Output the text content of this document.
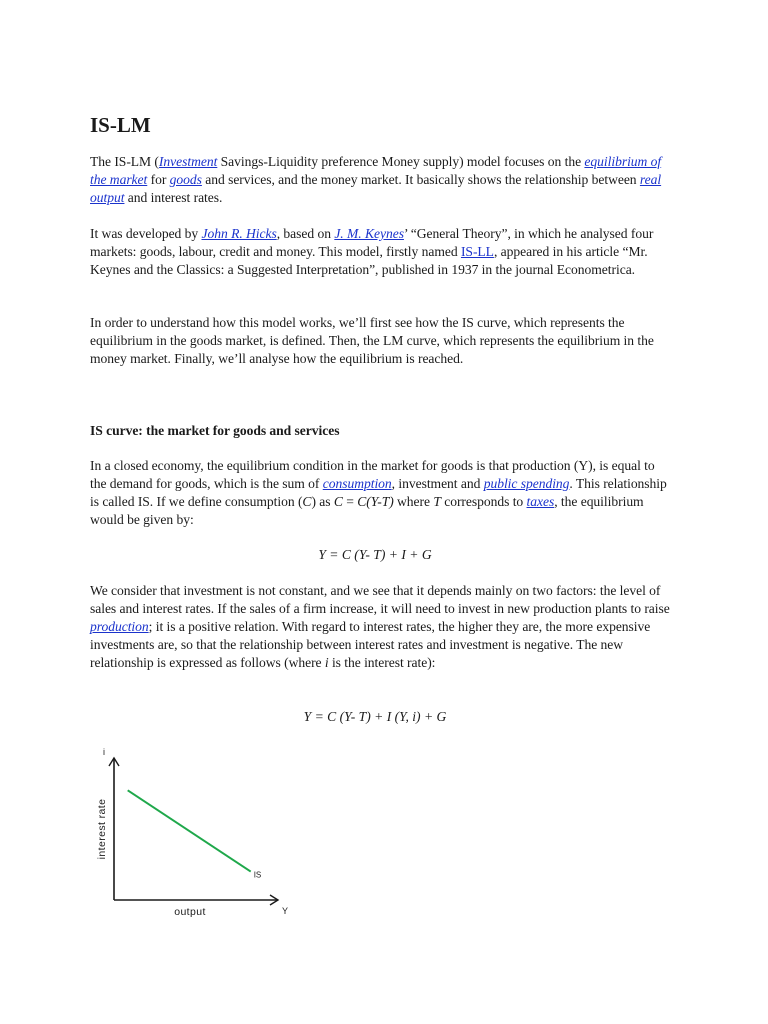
IS-LM

The IS-LM (Investment Savings-Liquidity preference Money supply) model focuses on the equilibrium of the market for goods and services, and the money market. It basically shows the relationship between real output and interest rates.

It was developed by John R. Hicks, based on J. M. Keynes’ “General Theory”, in which he analysed four markets: goods, labour, credit and money. This model, firstly named IS-LL, appeared in his article “Mr. Keynes and the Classics: a Suggested Interpretation”, published in 1937 in the journal Econometrica.

In order to understand how this model works, we’ll first see how the IS curve, which represents the equilibrium in the goods market, is defined. Then, the LM curve, which represents the equilibrium in the money market. Finally, we’ll analyse how the equilibrium is reached.

IS curve: the market for goods and services

In a closed economy, the equilibrium condition in the market for goods is that production (Y), is equal to the demand for goods, which is the sum of consumption, investment and public spending. This relationship is called IS. If we define consumption (C) as C = C(Y-T) where T corresponds to taxes, the equilibrium would be given by:

Y = C (Y- T) + I + G

We consider that investment is not constant, and we see that it depends mainly on two factors: the level of sales and interest rates. If the sales of a firm increase, it will need to invest in new production plants to raise production; it is a positive relation. With regard to interest rates, the higher they are, the more expensive investments are, so that the relationship between interest rates and investment is negative. The new relationship is expressed as follows (where i is the interest rate):

Y = C (Y- T) + I (Y, i) + G
i
Y
interest rate
output
IS
